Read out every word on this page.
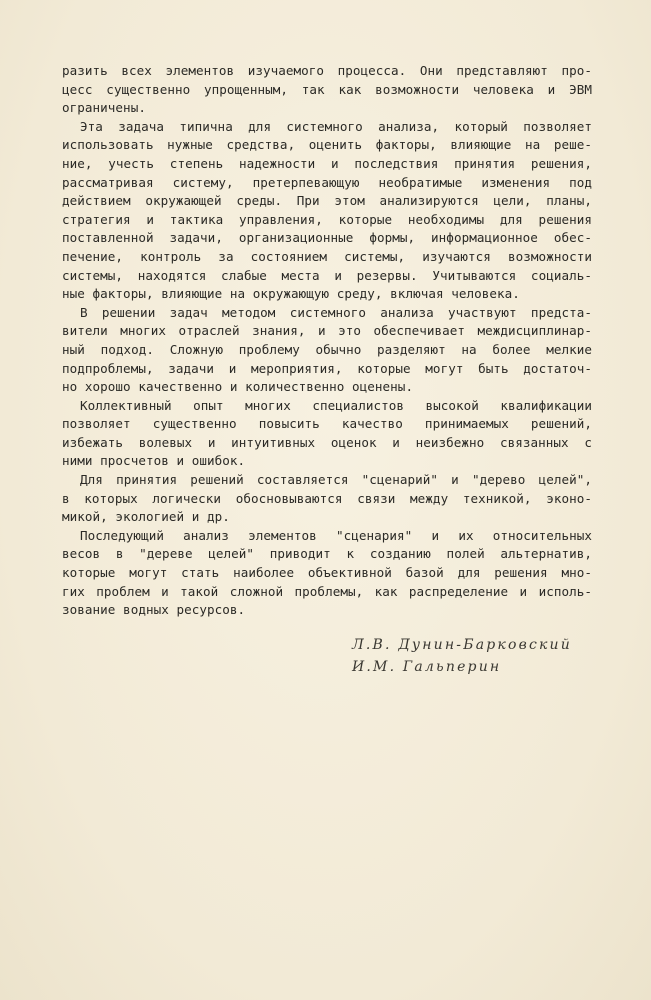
разить всех элементов изучаемого процесса. Они представляют про-
цесс существенно упрощенным, так как возможности человека и ЭВМ
ограничены.
Эта задача типична для системного анализа, который позволяет
использовать нужные средства, оценить факторы, влияющие на реше-
ние, учесть степень надежности и последствия принятия решения,
рассматривая систему, претерпевающую необратимые изменения под
действием окружающей среды. При этом анализируются цели, планы,
стратегия и тактика управления, которые необходимы для решения
поставленной задачи, организационные формы, информационное обес-
печение, контроль за состоянием системы, изучаются возможности
системы, находятся слабые места и резервы. Учитываются социаль-
ные факторы, влияющие на окружающую среду, включая человека.
В решении задач методом системного анализа участвуют предста-
вители многих отраслей знания, и это обеспечивает междисциплинар-
ный подход. Сложную проблему обычно разделяют на более мелкие
подпроблемы, задачи и мероприятия, которые могут быть достаточ-
но хорошо качественно и количественно оценены.
Коллективный опыт многих специалистов высокой квалификации
позволяет существенно повысить качество принимаемых решений,
избежать волевых и интуитивных оценок и неизбежно связанных с
ними просчетов и ошибок.
Для принятия решений составляется "сценарий" и "дерево целей",
в которых логически обосновываются связи между техникой, эконо-
микой, экологией и др.
Последующий анализ элементов "сценария" и их относительных
весов в "дереве целей" приводит к созданию полей альтернатив,
которые могут стать наиболее объективной базой для решения мно-
гих проблем и такой сложной проблемы, как распределение и исполь-
зование водных ресурсов.
Л.В. Дунин-Барковский
И.М. Гальперин
